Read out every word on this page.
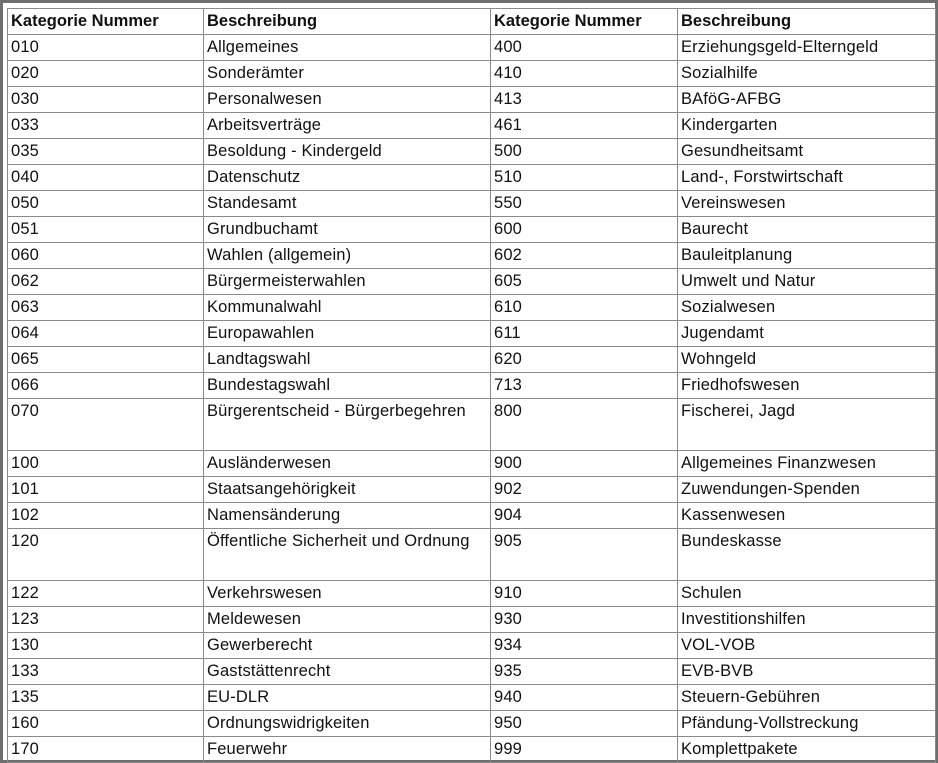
Kategorie Nummer	Beschreibung	Kategorie Nummer	Beschreibung
010	Allgemeines	400	Erziehungsgeld-Elterngeld
020	Sonderämter	410	Sozialhilfe
030	Personalwesen	413	BAföG-AFBG
033	Arbeitsverträge	461	Kindergarten
035	Besoldung - Kindergeld	500	Gesundheitsamt
040	Datenschutz	510	Land-, Forstwirtschaft
050	Standesamt	550	Vereinswesen
051	Grundbuchamt	600	Baurecht
060	Wahlen (allgemein)	602	Bauleitplanung
062	Bürgermeisterwahlen	605	Umwelt und Natur
063	Kommunalwahl	610	Sozialwesen
064	Europawahlen	611	Jugendamt
065	Landtagswahl	620	Wohngeld
066	Bundestagswahl	713	Friedhofswesen
070	Bürgerentscheid - Bürgerbegehren	800	Fischerei, Jagd
100	Ausländerwesen	900	Allgemeines Finanzwesen
101	Staatsangehörigkeit	902	Zuwendungen-Spenden
102	Namensänderung	904	Kassenwesen
120	Öffentliche Sicherheit und Ordnung	905	Bundeskasse
122	Verkehrswesen	910	Schulen
123	Meldewesen	930	Investitionshilfen
130	Gewerberecht	934	VOL-VOB
133	Gaststättenrecht	935	EVB-BVB
135	EU-DLR	940	Steuern-Gebühren
160	Ordnungswidrigkeiten	950	Pfändung-Vollstreckung
170	Feuerwehr	999	Komplettpakete
